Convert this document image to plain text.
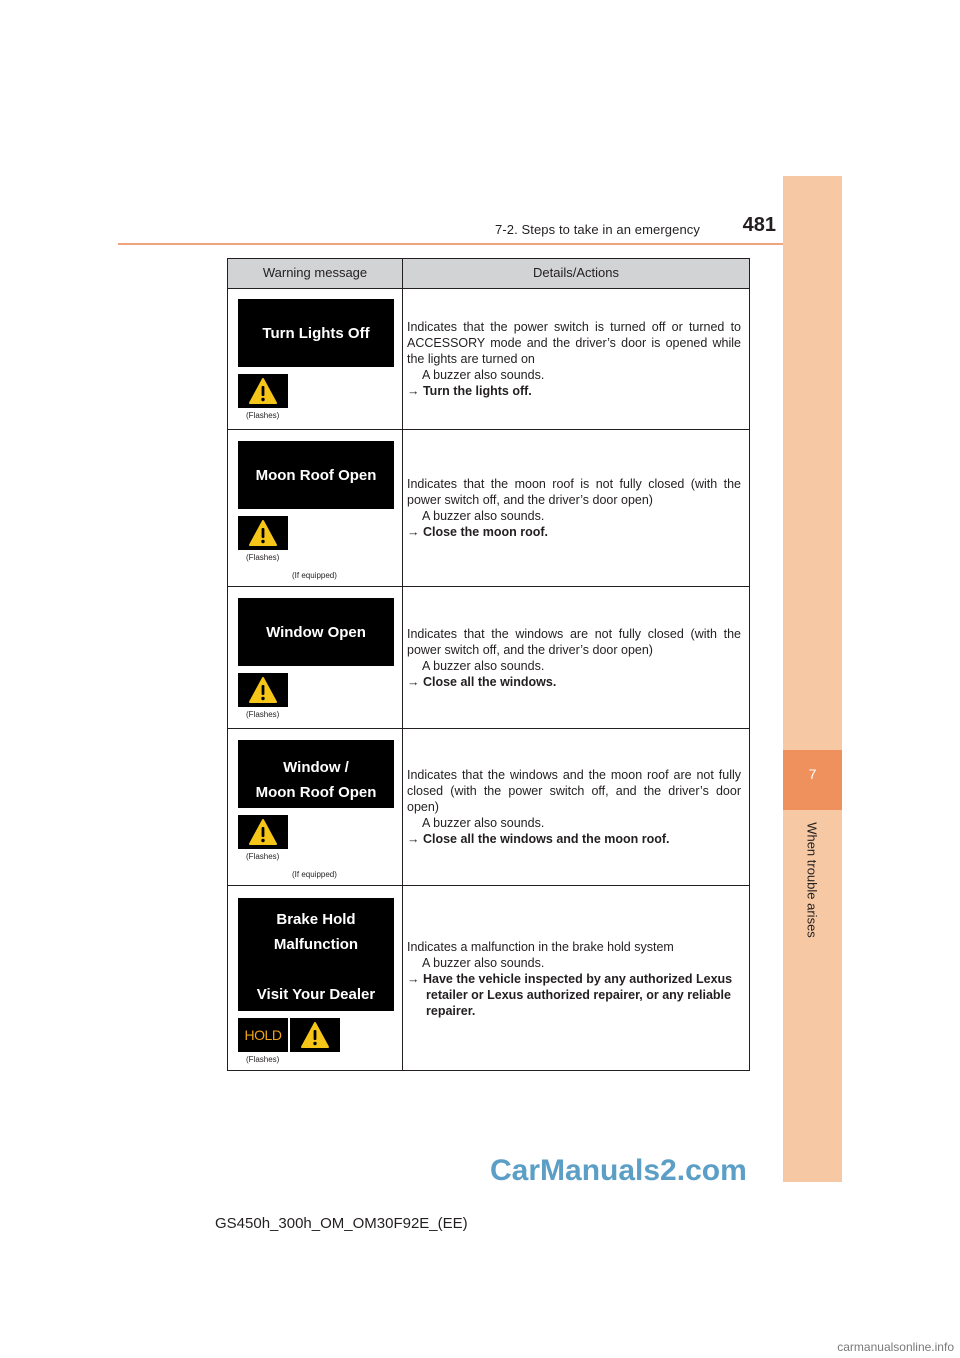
7-2. Steps to take in an emergency	481
7
When trouble arises
Warning message	Details/Actions
Turn Lights Off
(Flashes)

Indicates that the power switch is turned off or turned to ACCESSORY mode and the driver’s door is opened while the lights are turned on

A buzzer also sounds.

→ Turn the lights off.

Moon Roof Open
(Flashes)
(If equipped)

Indicates that the moon roof is not fully closed (with the power switch off, and the driver’s door open)

A buzzer also sounds.

→ Close the moon roof.

Window Open
(Flashes)

Indicates that the windows are not fully closed (with the power switch off, and the driver’s door open)

A buzzer also sounds.

→ Close all the windows.

Window /
Moon Roof Open
(Flashes)
(If equipped)

Indicates that the windows and the moon roof are not fully closed (with the power switch off, and the driver’s door open)

A buzzer also sounds.

→ Close all the windows and the moon roof.

Brake Hold
Malfunction
Visit Your Dealer
HOLD
(Flashes)

Indicates a malfunction in the brake hold system

A buzzer also sounds.

→ Have the vehicle inspected by any authorized Lexus retailer or Lexus authorized repairer, or any reliable repairer.

CarManuals2.com
GS450h_300h_OM_OM30F92E_(EE)
carmanualsonline.info
